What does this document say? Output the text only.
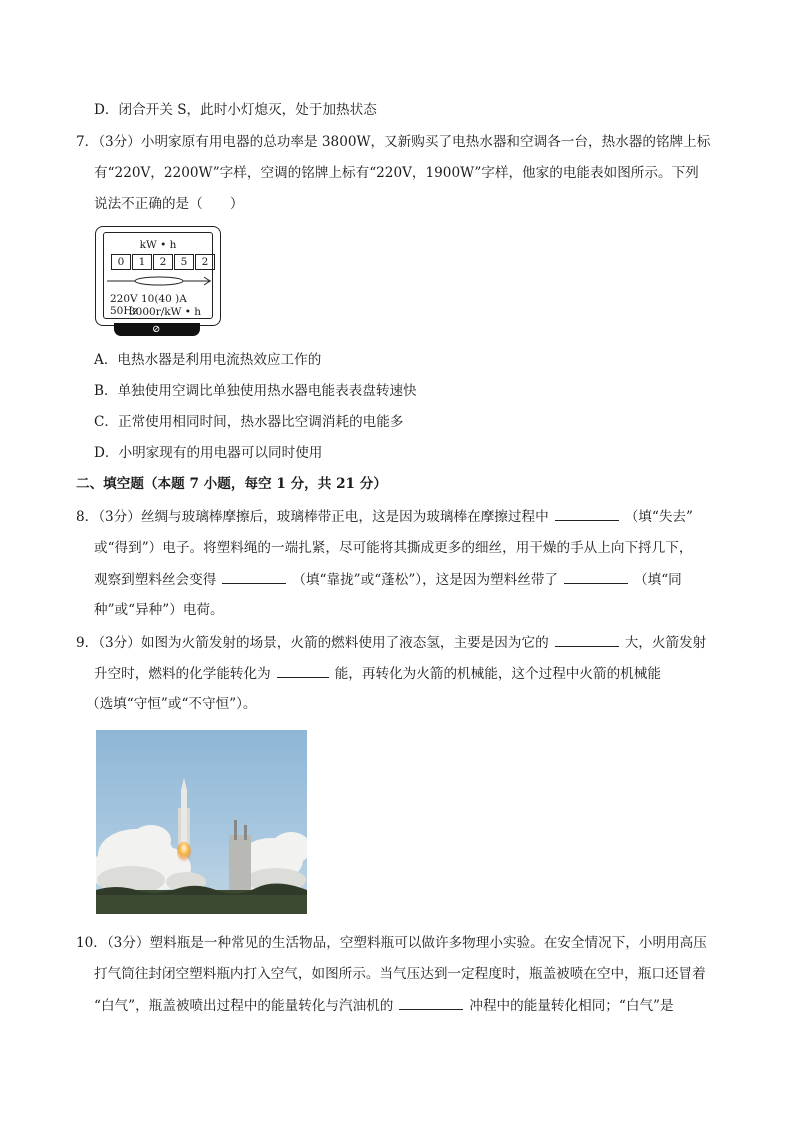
D．闭合开关 S，此时小灯熄灭，处于加热状态
7．（3分）小明家原有用电器的总功率是 3800W，又新购买了电热水器和空调各一台，热水器的铭牌上标
有“220V，2200W”字样，空调的铭牌上标有“220V，1900W”字样，他家的电能表如图所示。下列
说法不正确的是（　　）
kW • h
0	1	2	5	2
220V 10(40 )A 50Hz
3000r/kW • h
⊘
A．电热水器是利用电流热效应工作的
B．单独使用空调比单独使用热水器电能表表盘转速快
C．正常使用相同时间，热水器比空调消耗的电能多
D．小明家现有的用电器可以同时使用
二、填空题（本题 7 小题，每空 1 分，共 21 分）
8．（3分）丝绸与玻璃棒摩擦后，玻璃棒带正电，这是因为玻璃棒在摩擦过程中	（填“失去”
或“得到”）电子。将塑料绳的一端扎紧，尽可能将其撕成更多的细丝，用干燥的手从上向下捋几下，
观察到塑料丝会变得	（填“靠拢”或“蓬松”），这是因为塑料丝带了	（填“同
种”或“异种”）电荷。
9．（3分）如图为火箭发射的场景，火箭的燃料使用了液态氢，主要是因为它的	大，火箭发射
升空时，燃料的化学能转化为	能，再转化为火箭的机械能，这个过程中火箭的机械能
（选填“守恒”或“不守恒”）。
10．（3分）塑料瓶是一种常见的生活物品，空塑料瓶可以做许多物理小实验。在安全情况下，小明用高压
打气筒往封闭空塑料瓶内打入空气，如图所示。当气压达到一定程度时，瓶盖被喷在空中，瓶口还冒着
“白气”，瓶盖被喷出过程中的能量转化与汽油机的	冲程中的能量转化相同；“白气”是
